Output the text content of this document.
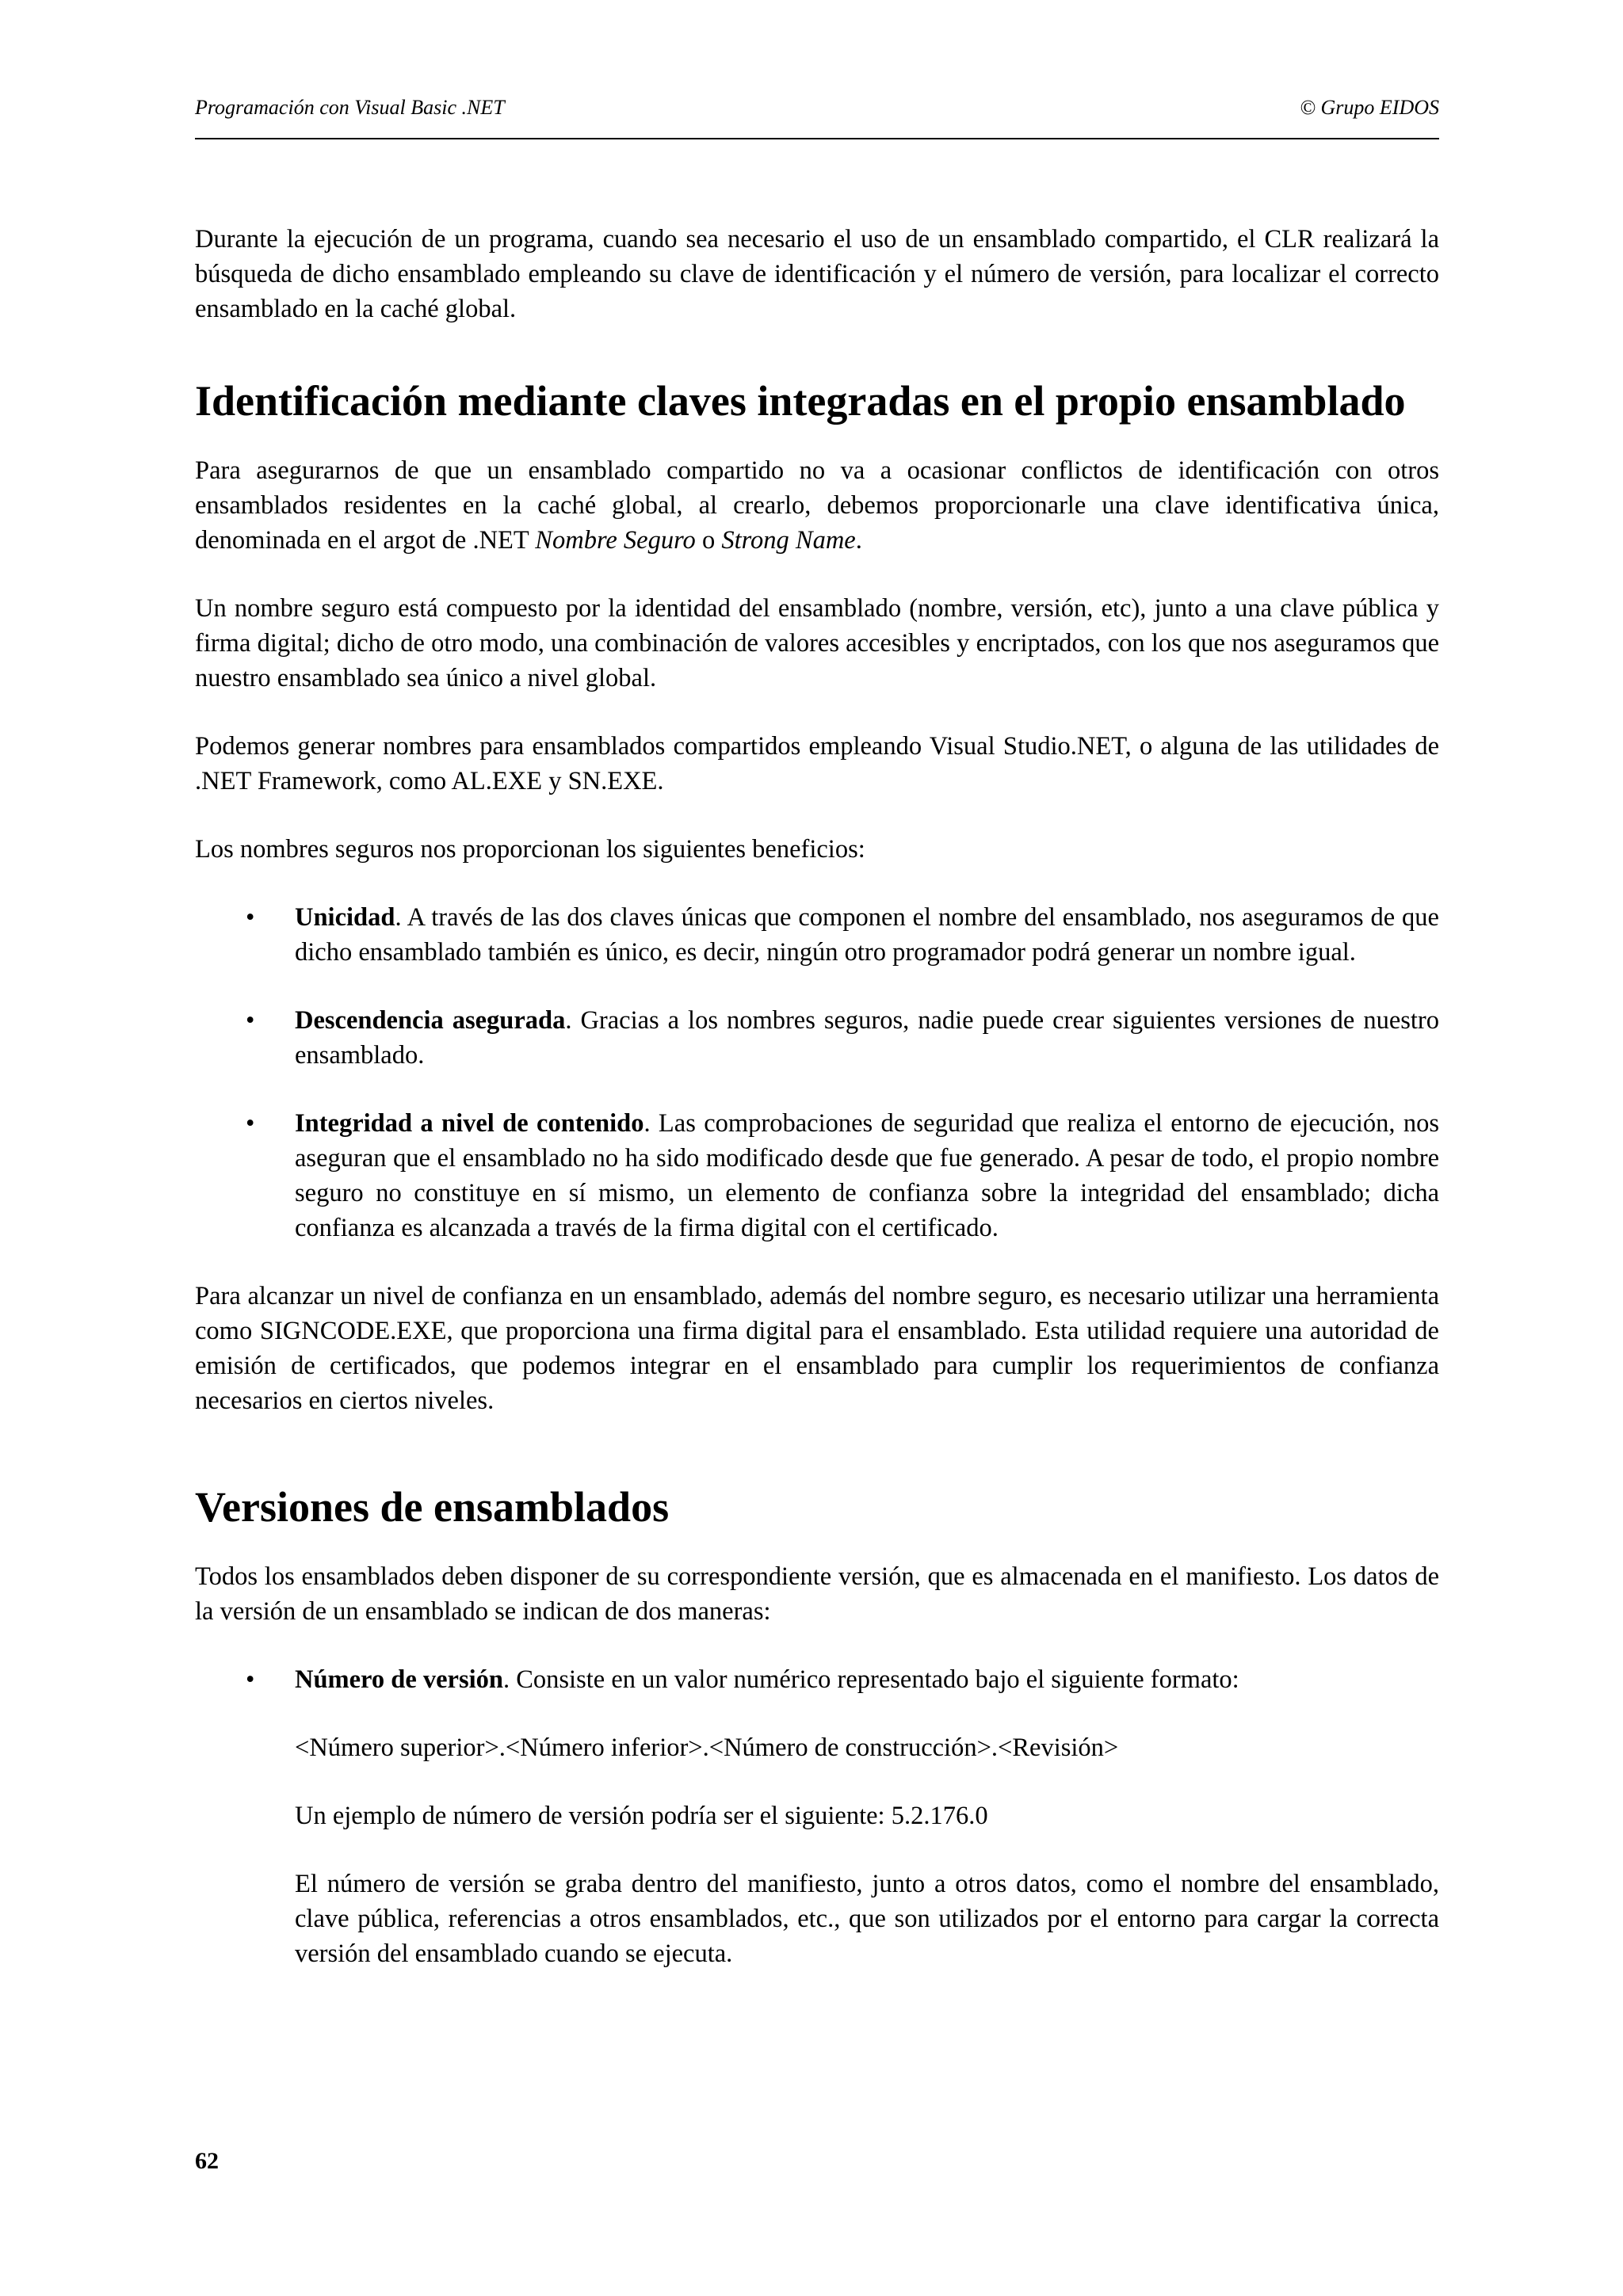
Programación con Visual Basic .NET	© Grupo EIDOS

Durante la ejecución de un programa, cuando sea necesario el uso de un ensamblado compartido, el CLR realizará la búsqueda de dicho ensamblado empleando su clave de identificación y el número de versión, para localizar el correcto ensamblado en la caché global.

Identificación mediante claves integradas en el propio ensamblado

Para asegurarnos de que un ensamblado compartido no va a ocasionar conflictos de identificación con otros ensamblados residentes en la caché global, al crearlo, debemos proporcionarle una clave identificativa única, denominada en el argot de .NET Nombre Seguro o Strong Name.

Un nombre seguro está compuesto por la identidad del ensamblado (nombre, versión, etc), junto a una clave pública y firma digital; dicho de otro modo, una combinación de valores accesibles y encriptados, con los que nos aseguramos que nuestro ensamblado sea único a nivel global.

Podemos generar nombres para ensamblados compartidos empleando Visual Studio.NET, o alguna de las utilidades de .NET Framework, como AL.EXE y SN.EXE.

Los nombres seguros nos proporcionan los siguientes beneficios:

• Unicidad. A través de las dos claves únicas que componen el nombre del ensamblado, nos aseguramos de que dicho ensamblado también es único, es decir, ningún otro programador podrá generar un nombre igual.
• Descendencia asegurada. Gracias a los nombres seguros, nadie puede crear siguientes versiones de nuestro ensamblado.
• Integridad a nivel de contenido. Las comprobaciones de seguridad que realiza el entorno de ejecución, nos aseguran que el ensamblado no ha sido modificado desde que fue generado. A pesar de todo, el propio nombre seguro no constituye en sí mismo, un elemento de confianza sobre la integridad del ensamblado; dicha confianza es alcanzada a través de la firma digital con el certificado.

Para alcanzar un nivel de confianza en un ensamblado, además del nombre seguro, es necesario utilizar una herramienta como SIGNCODE.EXE, que proporciona una firma digital para el ensamblado. Esta utilidad requiere una autoridad de emisión de certificados, que podemos integrar en el ensamblado para cumplir los requerimientos de confianza necesarios en ciertos niveles.

Versiones de ensamblados

Todos los ensamblados deben disponer de su correspondiente versión, que es almacenada en el manifiesto. Los datos de la versión de un ensamblado se indican de dos maneras:

• Número de versión. Consiste en un valor numérico representado bajo el siguiente formato:

<Número superior>.<Número inferior>.<Número de construcción>.<Revisión>

Un ejemplo de número de versión podría ser el siguiente: 5.2.176.0

El número de versión se graba dentro del manifiesto, junto a otros datos, como el nombre del ensamblado, clave pública, referencias a otros ensamblados, etc., que son utilizados por el entorno para cargar la correcta versión del ensamblado cuando se ejecuta.

62
